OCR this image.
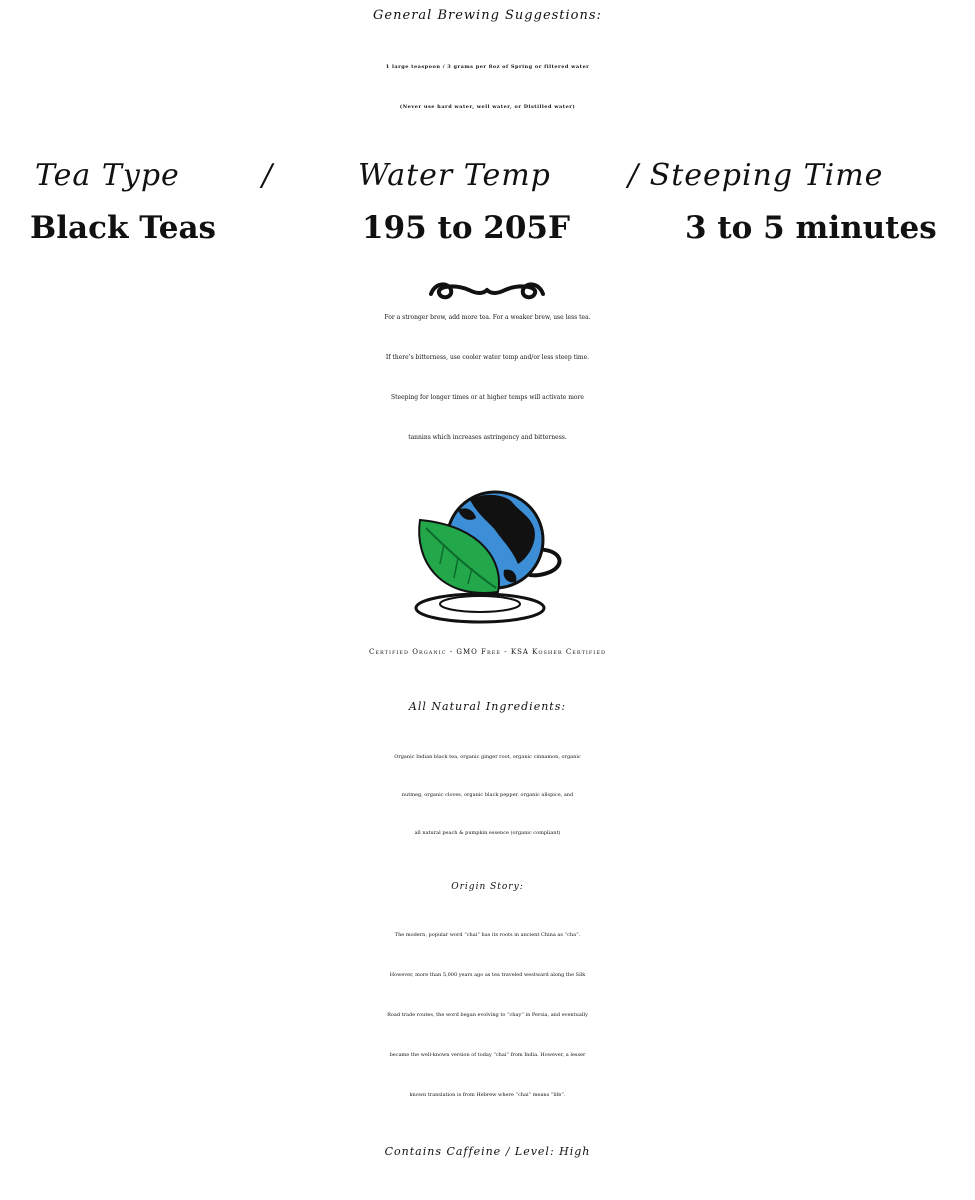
General Brewing Suggestions:
1 large teaspoon / 3 grams per 8oz of Spring or filtered water
(Never use hard water, well water, or Distilled water)
Tea Type	/	Water Temp	/ Steeping Time
Black Teas	195 to 205F	3 to 5 minutes
For a stronger brew, add more tea. For a weaker brew, use less tea.
If there’s bitterness, use cooler water temp and/or less steep time.
Steeping for longer times or at higher temps will activate more
tannins which increases astringency and bitterness.
Certified Organic - GMO Free - KSA Kosher Certified
All Natural Ingredients:
Organic Indian black tea, organic ginger root, organic cinnamon, organic
nutmeg, organic cloves, organic black pepper, organic allspice, and
all natural peach & pumpkin essence (organic compliant)
Origin Story:
The modern, popular word “chai” has its roots in ancient China as “cha”.
However, more than 5,000 years ago as tea traveled westward along the Silk
Road trade routes, the word began evolving to “chay” in Persia, and eventually
became the well-known version of today “chai” from India. However, a lesser
known translation is from Hebrew where “chai” means “life”.
Contains Caffeine / Level: High
